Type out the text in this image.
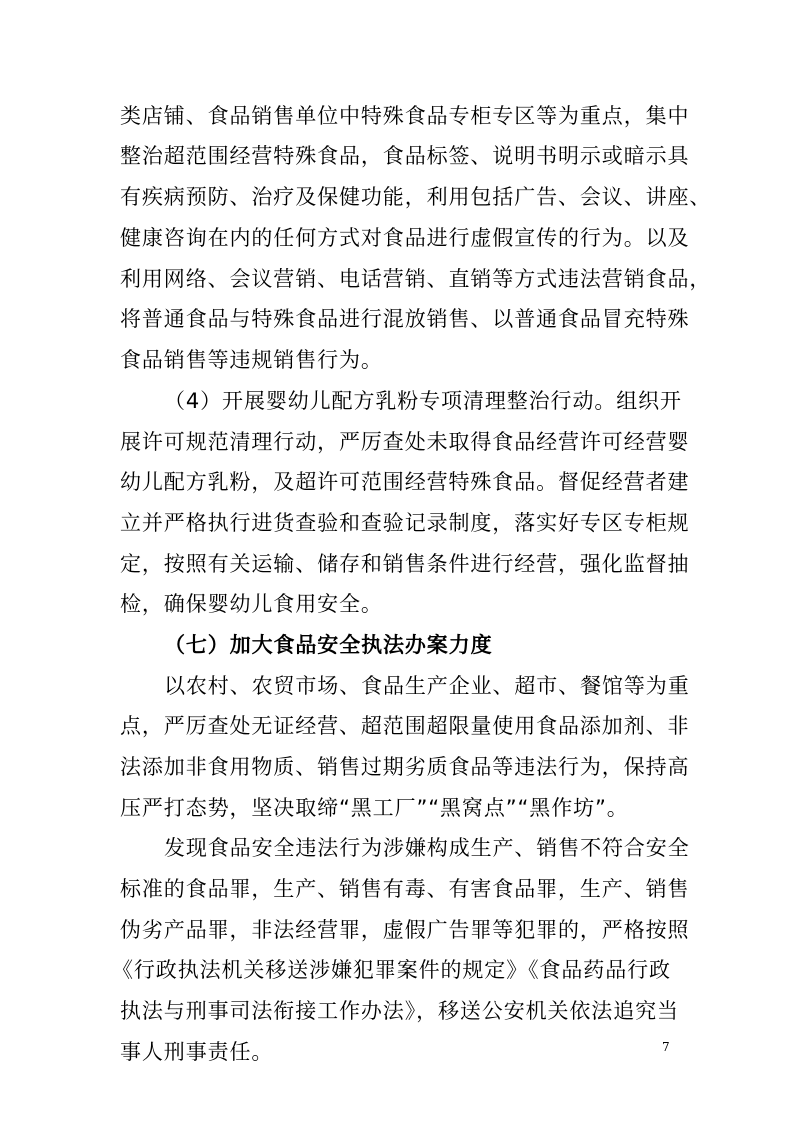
类店铺、食品销售单位中特殊食品专柜专区等为重点，集中
整治超范围经营特殊食品，食品标签、说明书明示或暗示具
有疾病预防、治疗及保健功能，利用包括广告、会议、讲座、
健康咨询在内的任何方式对食品进行虚假宣传的行为。以及
利用网络、会议营销、电话营销、直销等方式违法营销食品，
将普通食品与特殊食品进行混放销售、以普通食品冒充特殊
食品销售等违规销售行为。
（4）开展婴幼儿配方乳粉专项清理整治行动。组织开
展许可规范清理行动，严厉查处未取得食品经营许可经营婴
幼儿配方乳粉，及超许可范围经营特殊食品。督促经营者建
立并严格执行进货查验和查验记录制度，落实好专区专柜规
定，按照有关运输、储存和销售条件进行经营，强化监督抽
检，确保婴幼儿食用安全。
（七）加大食品安全执法办案力度
以农村、农贸市场、食品生产企业、超市、餐馆等为重
点，严厉查处无证经营、超范围超限量使用食品添加剂、非
法添加非食用物质、销售过期劣质食品等违法行为，保持高
压严打态势，坚决取缔“黑工厂”“黑窝点”“黑作坊”。
发现食品安全违法行为涉嫌构成生产、销售不符合安全
标准的食品罪，生产、销售有毒、有害食品罪，生产、销售
伪劣产品罪，非法经营罪，虚假广告罪等犯罪的，严格按照
《行政执法机关移送涉嫌犯罪案件的规定》《食品药品行政
执法与刑事司法衔接工作办法》，移送公安机关依法追究当
事人刑事责任。	7
